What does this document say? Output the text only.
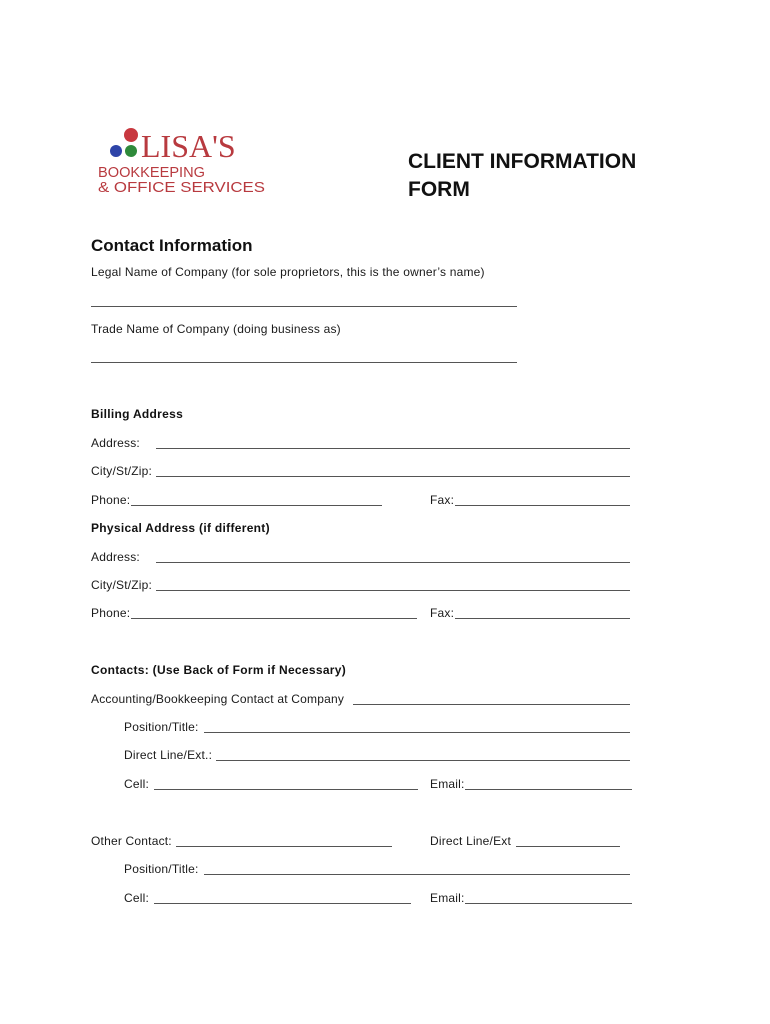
LISA'S
BOOKKEEPING
& OFFICE SERVICES
CLIENT INFORMATION
FORM
Contact Information
Legal Name of Company (for sole proprietors, this is the owner’s name)
Trade Name of Company (doing business as)
Billing Address
Address:
City/St/Zip:
Phone:	Fax:
Physical Address (if different)
Address:
City/St/Zip:
Phone:	Fax:
Contacts: (Use Back of Form if Necessary)
Accounting/Bookkeeping Contact at Company
Position/Title:
Direct Line/Ext.:
Cell:	Email:
Other Contact:	Direct Line/Ext
Position/Title:
Cell:	Email:
